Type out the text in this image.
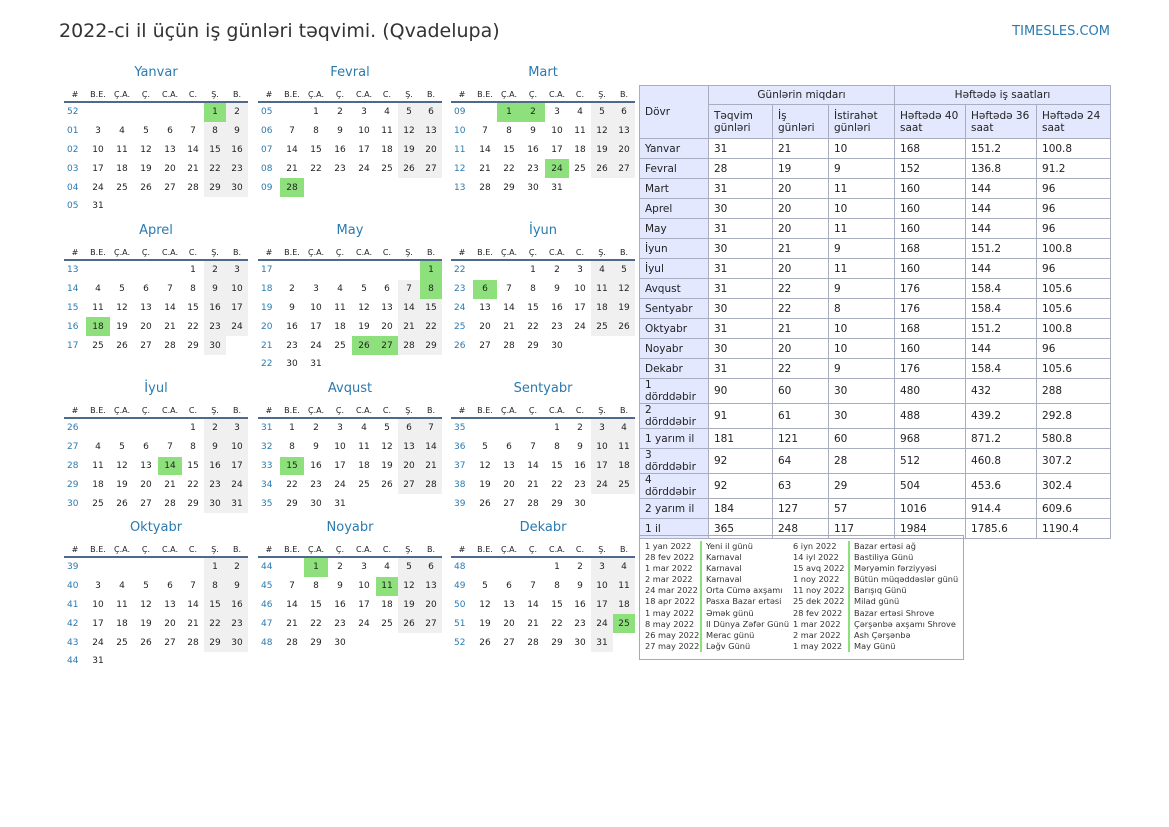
2022-ci il üçün iş günləri təqvimi. (Qvadelupa)	TIMESLES.COM
Yanvar
#	B.E.	Ç.A.	Ç.	C.A.	C.	Ş.	B.
52						1	2
01	3	4	5	6	7	8	9
02	10	11	12	13	14	15	16
03	17	18	19	20	21	22	23
04	24	25	26	27	28	29	30
05	31						
Fevral
#	B.E.	Ç.A.	Ç.	C.A.	C.	Ş.	B.
05		1	2	3	4	5	6
06	7	8	9	10	11	12	13
07	14	15	16	17	18	19	20
08	21	22	23	24	25	26	27
09	28						
Mart
#	B.E.	Ç.A.	Ç.	C.A.	C.	Ş.	B.
09		1	2	3	4	5	6
10	7	8	9	10	11	12	13
11	14	15	16	17	18	19	20
12	21	22	23	24	25	26	27
13	28	29	30	31			
Aprel
#	B.E.	Ç.A.	Ç.	C.A.	C.	Ş.	B.
13					1	2	3
14	4	5	6	7	8	9	10
15	11	12	13	14	15	16	17
16	18	19	20	21	22	23	24
17	25	26	27	28	29	30	
May
#	B.E.	Ç.A.	Ç.	C.A.	C.	Ş.	B.
17							1
18	2	3	4	5	6	7	8
19	9	10	11	12	13	14	15
20	16	17	18	19	20	21	22
21	23	24	25	26	27	28	29
22	30	31					
İyun
#	B.E.	Ç.A.	Ç.	C.A.	C.	Ş.	B.
22			1	2	3	4	5
23	6	7	8	9	10	11	12
24	13	14	15	16	17	18	19
25	20	21	22	23	24	25	26
26	27	28	29	30			
İyul
#	B.E.	Ç.A.	Ç.	C.A.	C.	Ş.	B.
26					1	2	3
27	4	5	6	7	8	9	10
28	11	12	13	14	15	16	17
29	18	19	20	21	22	23	24
30	25	26	27	28	29	30	31
Avqust
#	B.E.	Ç.A.	Ç.	C.A.	C.	Ş.	B.
31	1	2	3	4	5	6	7
32	8	9	10	11	12	13	14
33	15	16	17	18	19	20	21
34	22	23	24	25	26	27	28
35	29	30	31				
Sentyabr
#	B.E.	Ç.A.	Ç.	C.A.	C.	Ş.	B.
35				1	2	3	4
36	5	6	7	8	9	10	11
37	12	13	14	15	16	17	18
38	19	20	21	22	23	24	25
39	26	27	28	29	30		
Oktyabr
#	B.E.	Ç.A.	Ç.	C.A.	C.	Ş.	B.
39						1	2
40	3	4	5	6	7	8	9
41	10	11	12	13	14	15	16
42	17	18	19	20	21	22	23
43	24	25	26	27	28	29	30
44	31						
Noyabr
#	B.E.	Ç.A.	Ç.	C.A.	C.	Ş.	B.
44		1	2	3	4	5	6
45	7	8	9	10	11	12	13
46	14	15	16	17	18	19	20
47	21	22	23	24	25	26	27
48	28	29	30				
Dekabr
#	B.E.	Ç.A.	Ç.	C.A.	C.	Ş.	B.
48				1	2	3	4
49	5	6	7	8	9	10	11
50	12	13	14	15	16	17	18
51	19	20	21	22	23	24	25
52	26	27	28	29	30	31	
Dövr	Günlərin miqdarı			Həftədə iş saatları		
	Təqvim günləri	İş günləri	İstirahət günləri	Həftədə 40 saat	Həftədə 36 saat	Həftədə 24 saat
Yanvar	31	21	10	168	151.2	100.8
Fevral	28	19	9	152	136.8	91.2
Mart	31	20	11	160	144	96
Aprel	30	20	10	160	144	96
May	31	20	11	160	144	96
İyun	30	21	9	168	151.2	100.8
İyul	31	20	11	160	144	96
Avqust	31	22	9	176	158.4	105.6
Sentyabr	30	22	8	176	158.4	105.6
Oktyabr	31	21	10	168	151.2	100.8
Noyabr	30	20	10	160	144	96
Dekabr	31	22	9	176	158.4	105.6
1 dörddəbir	90	60	30	480	432	288
2 dörddəbir	91	61	30	488	439.2	292.8
1 yarım il	181	121	60	968	871.2	580.8
3 dörddəbir	92	64	28	512	460.8	307.2
4 dörddəbir	92	63	29	504	453.6	302.4
2 yarım il	184	127	57	1016	914.4	609.6
1 il	365	248	117	1984	1785.6	1190.4
1 yan 2022	Yeni il günü
28 fev 2022	Karnaval
1 mar 2022	Karnaval
2 mar 2022	Karnaval
24 mar 2022 Orta Cümə axşamı
18 apr 2022	Pasxa Bazar ertəsi
1 may 2022	Əmək günü
8 may 2022	II Dünya Zəfər Günü
26 may 2022 Merac günü
27 may 2022 Ləğv Günü
6 iyn 2022	Bazar ertəsi ağ
14 iyl 2022	Bastiliya Günü
15 avq 2022	Məryəmin fərziyyəsi
1 noy 2022	Bütün müqəddəslər günü
11 noy 2022	Barışıq Günü
25 dek 2022	Milad günü
28 fev 2022	Bazar ertəsi Shrove
1 mar 2022	Çərşənbə axşamı Shrove
2 mar 2022	Ash Çərşənbə
1 may 2022	May Günü
